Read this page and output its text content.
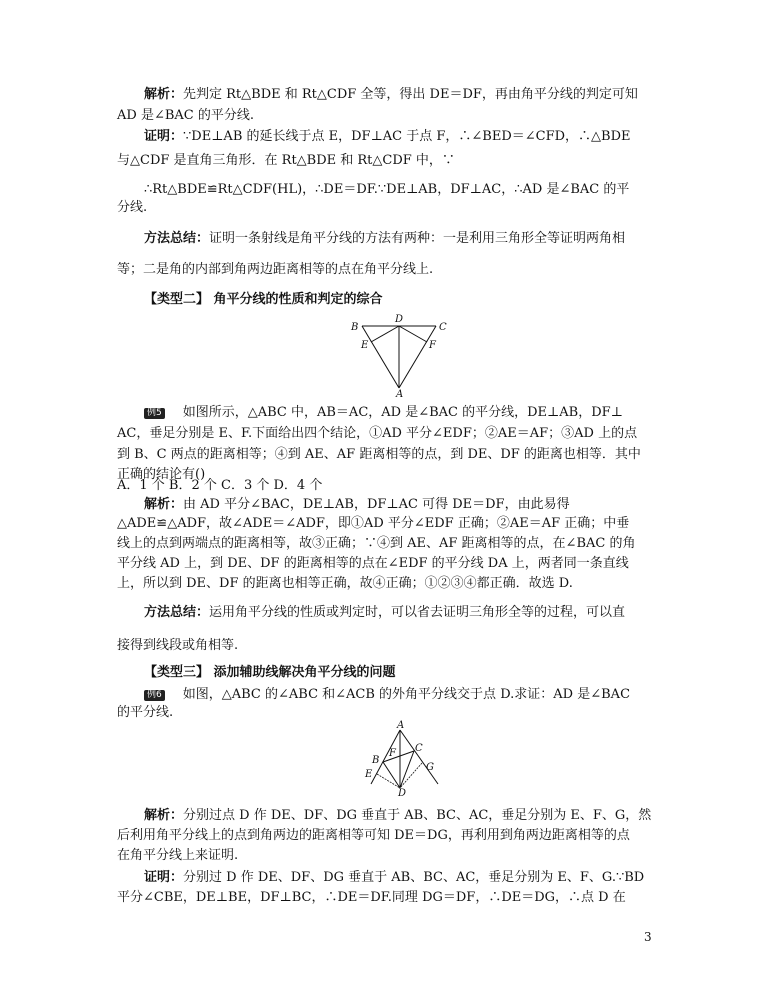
解析：先判定 Rt△BDE 和 Rt△CDF 全等，得出 DE＝DF，再由角平分线的判定可知
AD 是∠BAC 的平分线.
证明：∵DE⊥AB 的延长线于点 E，DF⊥AC 于点 F，∴∠BED＝∠CFD，∴△BDE
与△CDF 是直角三角形．在 Rt△BDE 和 Rt△CDF 中，∵
∴Rt△BDE≌Rt△CDF(HL)，∴DE＝DF.∵DE⊥AB，DF⊥AC，∴AD 是∠BAC 的平
分线.
方法总结：证明一条射线是角平分线的方法有两种：一是利用三角形全等证明两角相
等；二是角的内部到角两边距离相等的点在角平分线上.
【类型二】 角平分线的性质和判定的综合
B
D
C
E	F
A
例5 如图所示，△ABC 中，AB＝AC，AD 是∠BAC 的平分线，DE⊥AB，DF⊥
AC，垂足分别是 E、F.下面给出四个结论，①AD 平分∠EDF；②AE＝AF；③AD 上的点
到 B、C 两点的距离相等；④到 AE、AF 距离相等的点，到 DE、DF 的距离也相等．其中
正确的结论有()
A．1 个 B．2 个 C．3 个 D．4 个
解析：由 AD 平分∠BAC，DE⊥AB，DF⊥AC 可得 DE＝DF，由此易得
△ADE≌△ADF，故∠ADE＝∠ADF，即①AD 平分∠EDF 正确；②AE＝AF 正确；中垂
线上的点到两端点的距离相等，故③正确；∵④到 AE、AF 距离相等的点，在∠BAC 的角
平分线 AD 上，到 DE、DF 的距离相等的点在∠EDF 的平分线 DA 上，两者同一条直线
上，所以到 DE、DF 的距离也相等正确，故④正确；①②③④都正确．故选 D.
方法总结：运用角平分线的性质或判定时，可以省去证明三角形全等的过程，可以直
接得到线段或角相等.
【类型三】 添加辅助线解决角平分线的问题
例6 如图，△ABC 的∠ABC 和∠ACB 的外角平分线交于点 D.求证：AD 是∠BAC
的平分线.
A
B
C
F
E
G
D
解析：分别过点 D 作 DE、DF、DG 垂直于 AB、BC、AC，垂足分别为 E、F、G，然
后利用角平分线上的点到角两边的距离相等可知 DE＝DG，再利用到角两边距离相等的点
在角平分线上来证明.
证明：分别过 D 作 DE、DF、DG 垂直于 AB、BC、AC，垂足分别为 E、F、G.∵BD
平分∠CBE，DE⊥BE，DF⊥BC，∴DE＝DF.同理 DG＝DF，∴DE＝DG，∴点 D 在
3
